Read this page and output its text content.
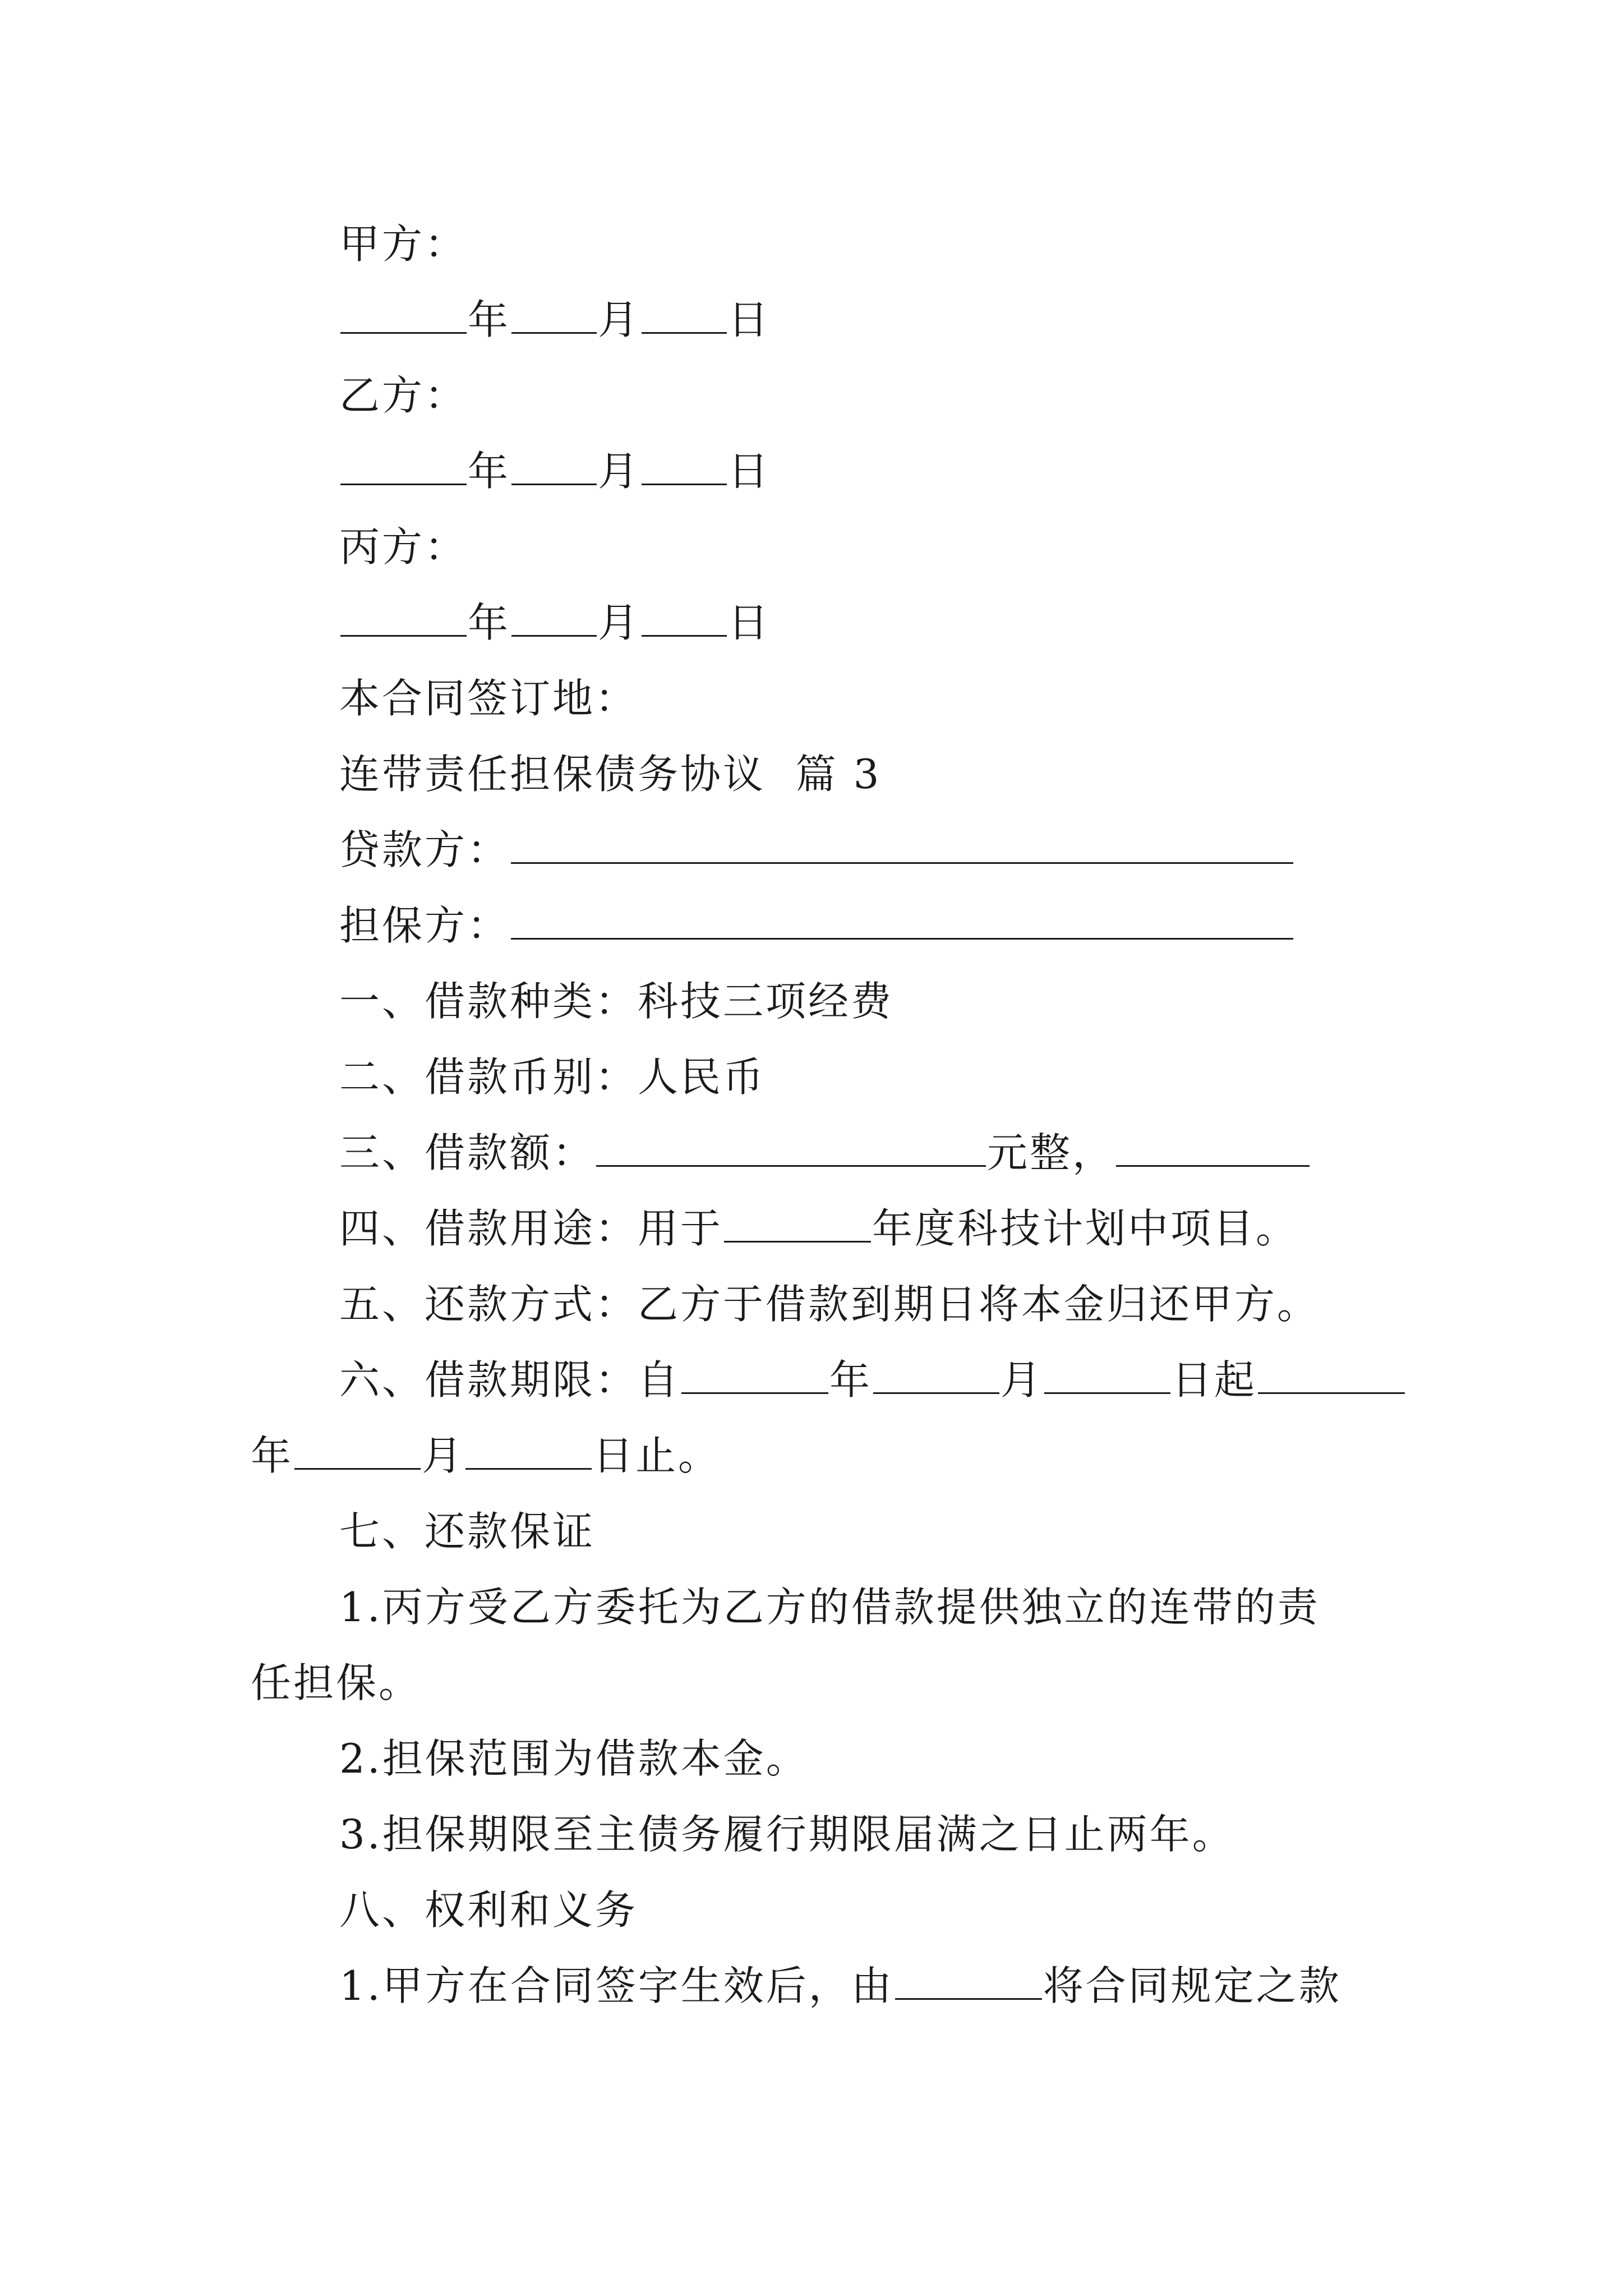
甲方：
年 月 日
乙方：
年 月 日
丙方：
年 月 日
本合同签订地：
连带责任担保债务协议 篇 3
贷款方：
担保方：
一、借款种类：科技三项经费
二、借款币别：人民币
三、借款额：	元整，
四、借款用途：用于	年度科技计划中项目。
五、还款方式：乙方于借款到期日将本金归还甲方。
六、借款期限：自	年	月	日起
年	月	日止。
七、还款保证
1.丙方受乙方委托为乙方的借款提供独立的连带的责
任担保。
2.担保范围为借款本金。
3.担保期限至主债务履行期限届满之日止两年。
八、权利和义务
1.甲方在合同签字生效后，由	将合同规定之款
